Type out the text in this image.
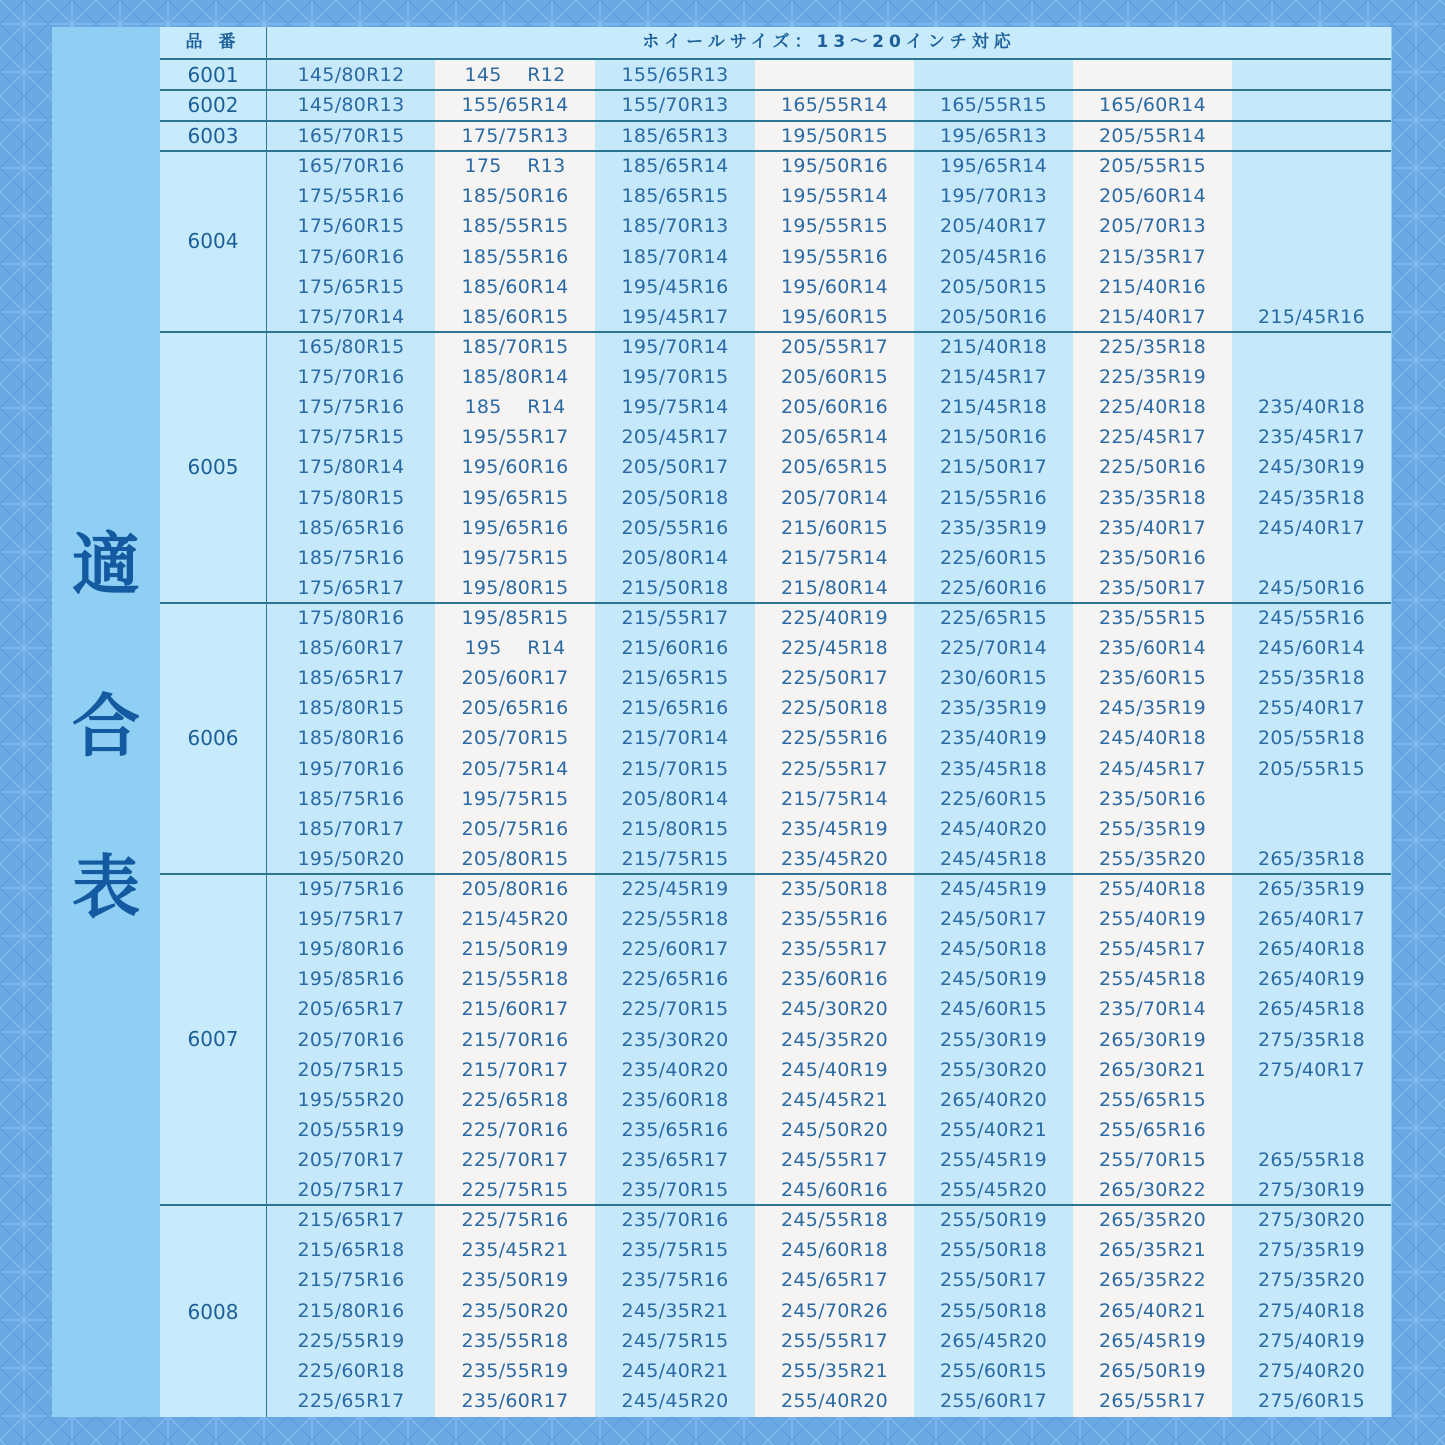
適
合
表
品 番	ホイールサイズ：13〜20インチ対応
6001	145/80R12	145　 R12	155/65R13
6002	145/80R13	155/65R14	155/70R13	165/55R14	165/55R15	165/60R14
6003	165/70R15	175/75R13	185/65R13	195/50R15	195/65R13	205/55R14
6004
165/70R16	175　 R13	185/65R14	195/50R16	195/65R14	205/55R15
175/55R16	185/50R16	185/65R15	195/55R14	195/70R13	205/60R14
175/60R15	185/55R15	185/70R13	195/55R15	205/40R17	205/70R13
175/60R16	185/55R16	185/70R14	195/55R16	205/45R16	215/35R17
175/65R15	185/60R14	195/45R16	195/60R14	205/50R15	215/40R16
175/70R14	185/60R15	195/45R17	195/60R15	205/50R16	215/40R17	215/45R16
6005
165/80R15	185/70R15	195/70R14	205/55R17	215/40R18	225/35R18
175/70R16	185/80R14	195/70R15	205/60R15	215/45R17	225/35R19
175/75R16	185　 R14	195/75R14	205/60R16	215/45R18	225/40R18	235/40R18
175/75R15	195/55R17	205/45R17	205/65R14	215/50R16	225/45R17	235/45R17
175/80R14	195/60R16	205/50R17	205/65R15	215/50R17	225/50R16	245/30R19
175/80R15	195/65R15	205/50R18	205/70R14	215/55R16	235/35R18	245/35R18
185/65R16	195/65R16	205/55R16	215/60R15	235/35R19	235/40R17	245/40R17
185/75R16	195/75R15	205/80R14	215/75R14	225/60R15	235/50R16
175/65R17	195/80R15	215/50R18	215/80R14	225/60R16	235/50R17	245/50R16
6006
175/80R16	195/85R15	215/55R17	225/40R19	225/65R15	235/55R15	245/55R16
185/60R17	195　 R14	215/60R16	225/45R18	225/70R14	235/60R14	245/60R14
185/65R17	205/60R17	215/65R15	225/50R17	230/60R15	235/60R15	255/35R18
185/80R15	205/65R16	215/65R16	225/50R18	235/35R19	245/35R19	255/40R17
185/80R16	205/70R15	215/70R14	225/55R16	235/40R19	245/40R18	205/55R18
195/70R16	205/75R14	215/70R15	225/55R17	235/45R18	245/45R17	205/55R15
185/75R16	195/75R15	205/80R14	215/75R14	225/60R15	235/50R16
185/70R17	205/75R16	215/80R15	235/45R19	245/40R20	255/35R19
195/50R20	205/80R15	215/75R15	235/45R20	245/45R18	255/35R20	265/35R18
6007
195/75R16	205/80R16	225/45R19	235/50R18	245/45R19	255/40R18	265/35R19
195/75R17	215/45R20	225/55R18	235/55R16	245/50R17	255/40R19	265/40R17
195/80R16	215/50R19	225/60R17	235/55R17	245/50R18	255/45R17	265/40R18
195/85R16	215/55R18	225/65R16	235/60R16	245/50R19	255/45R18	265/40R19
205/65R17	215/60R17	225/70R15	245/30R20	245/60R15	235/70R14	265/45R18
205/70R16	215/70R16	235/30R20	245/35R20	255/30R19	265/30R19	275/35R18
205/75R15	215/70R17	235/40R20	245/40R19	255/30R20	265/30R21	275/40R17
195/55R20	225/65R18	235/60R18	245/45R21	265/40R20	255/65R15
205/55R19	225/70R16	235/65R16	245/50R20	255/40R21	255/65R16
205/70R17	225/70R17	235/65R17	245/55R17	255/45R19	255/70R15	265/55R18
205/75R17	225/75R15	235/70R15	245/60R16	255/45R20	265/30R22	275/30R19
6008
215/65R17	225/75R16	235/70R16	245/55R18	255/50R19	265/35R20	275/30R20
215/65R18	235/45R21	235/75R15	245/60R18	255/50R18	265/35R21	275/35R19
215/75R16	235/50R19	235/75R16	245/65R17	255/50R17	265/35R22	275/35R20
215/80R16	235/50R20	245/35R21	245/70R26	255/50R18	265/40R21	275/40R18
225/55R19	235/55R18	245/75R15	255/55R17	265/45R20	265/45R19	275/40R19
225/60R18	235/55R19	245/40R21	255/35R21	255/60R15	265/50R19	275/40R20
225/65R17	235/60R17	245/45R20	255/40R20	255/60R17	265/55R17	275/60R15
